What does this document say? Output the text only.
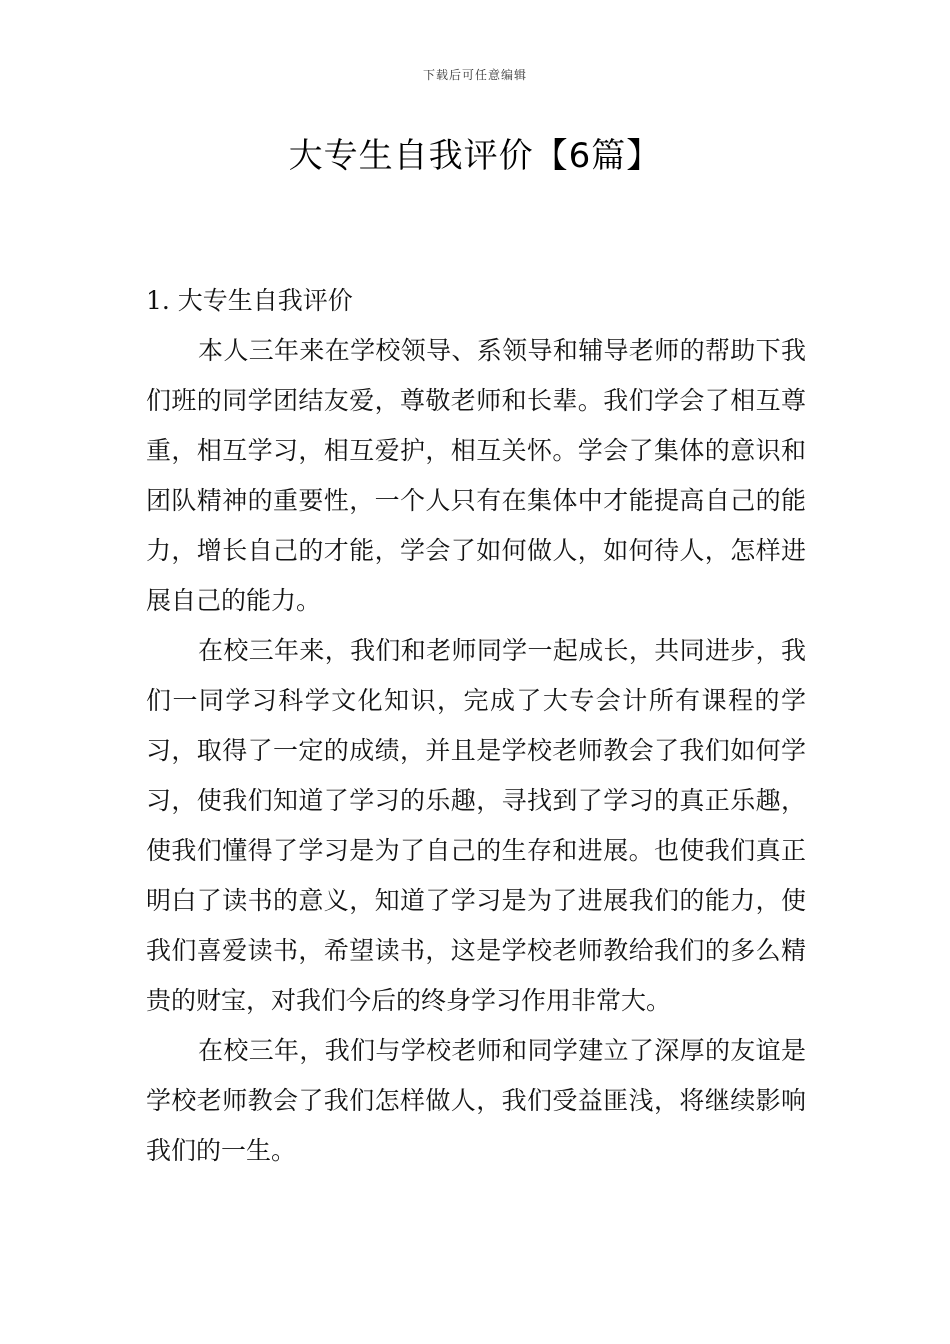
下载后可任意编辑
大专生自我评价【6篇】

1. 大专生自我评价

本人三年来在学校领导、系领导和辅导老师的帮助下我们班的同学团结友爱，尊敬老师和长辈。我们学会了相互尊重，相互学习，相互爱护，相互关怀。学会了集体的意识和团队精神的重要性，一个人只有在集体中才能提高自己的能力，增长自己的才能，学会了如何做人，如何待人，怎样进展自己的能力。

在校三年来，我们和老师同学一起成长，共同进步，我们一同学习科学文化知识，完成了大专会计所有课程的学习，取得了一定的成绩，并且是学校老师教会了我们如何学习，使我们知道了学习的乐趣，寻找到了学习的真正乐趣，使我们懂得了学习是为了自己的生存和进展。也使我们真正明白了读书的意义，知道了学习是为了进展我们的能力，使我们喜爱读书，希望读书，这是学校老师教给我们的多么精贵的财宝，对我们今后的终身学习作用非常大。

在校三年，我们与学校老师和同学建立了深厚的友谊是学校老师教会了我们怎样做人，我们受益匪浅，将继续影响我们的一生。
